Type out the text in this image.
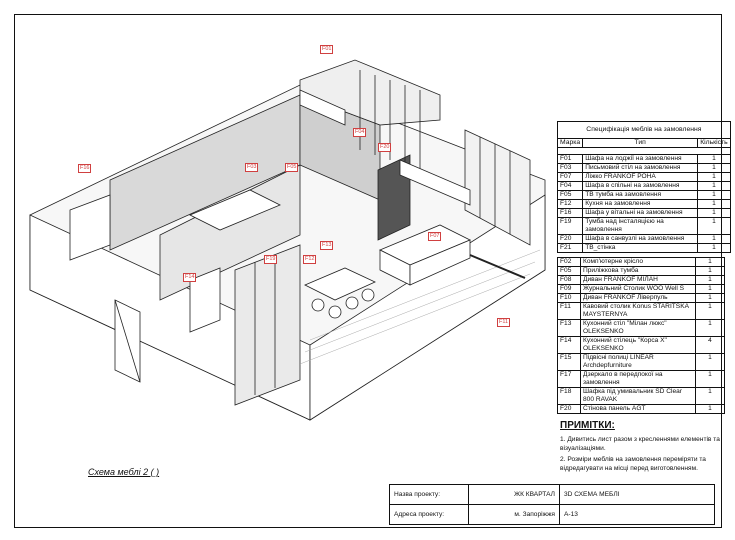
F01
F04
F20
F16	F03	F05
F13
F07
F12
F14
F19
F11
Специфікація меблів на замовлення		
Марка	Тип	Кількість

F01	Шафа на лоджії на замовлення	1
F03	Письмовий стіл на замовлення	1
F07	Ліжко FRANKOF РОНА	1
F04	Шафа в спільні на замовлення	1
F05	ТВ тумба на замовлення	1
F12	Кухня на замовлення	1
F16	Шафа у вітальні на замовлення	1
F19	Тумба над інсталяцією на замовлення	1
F20	Шафа в санвузлі на замовлення	1
F21	ТВ_стінка	1
F02	Комп'ютерне крісло	1
F05	Приліжкова тумба	1
F08	Диван FRANKOF МІЛАН	1
F09	Журнальний Столик WOO Well S	1
F10	Диван FRANKOF Ліверпуль	1
F11	Кавовий столик Konus STARITSKA MAYSTERNYA	1
F13	Кухонний стіл "Мілан люкс" OLEKSENKO	1
F14	Кухонний стілець "Корса Х" OLEKSENKO	4
F15	Підвісні полиці LINEAR Archdepfurniture	1
F17	Дзеркало в передпокої на замовлення	1
F18	Шафка під умивальник SD Clear 800 RAVAK	1
F20	Стінова панель AGT	1
ПРИМІТКИ:
1. Дивитись лист разом з кресленнями елементів та візуалізаціями.
2. Розміри меблів на замовлення переміряти та відредагувати на місці перед виготовленням.
Схема меблі 2 ( )
Назва проекту:	ЖК КВАРТАЛ	3D СХЕМА МЕБЛІ
Адреса проекту:	м. Запоріжжя	А-13
